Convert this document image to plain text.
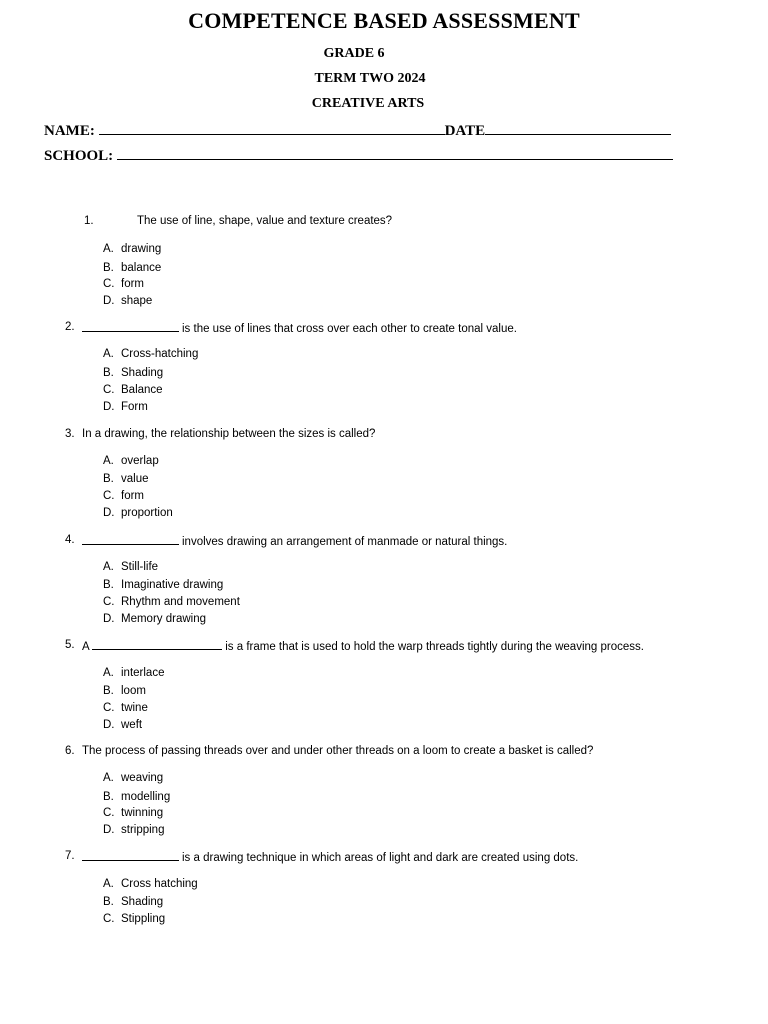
COMPETENCE BASED ASSESSMENT
GRADE 6
TERM TWO 2024
CREATIVE ARTS
NAME:	DATE
SCHOOL:
1.	The use of line, shape, value and texture creates?
A. drawing
B. balance
C. form
D. shape
2.	is the use of lines that cross over each other to create tonal value.
A. Cross-hatching
B. Shading
C. Balance
D. Form
3. In a drawing, the relationship between the sizes is called?
A. overlap
B. value
C. form
D. proportion
4.	involves drawing an arrangement of manmade or natural things.
A. Still-life
B. Imaginative drawing
C. Rhythm and movement
D. Memory drawing
5. A	is a frame that is used to hold the warp threads tightly during the weaving process.
A. interlace
B. loom
C. twine
D. weft
6. The process of passing threads over and under other threads on a loom to create a basket is called?
A. weaving
B. modelling
C. twinning
D. stripping
7.	is a drawing technique in which areas of light and dark are created using dots.
A. Cross hatching
B. Shading
C. Stippling
